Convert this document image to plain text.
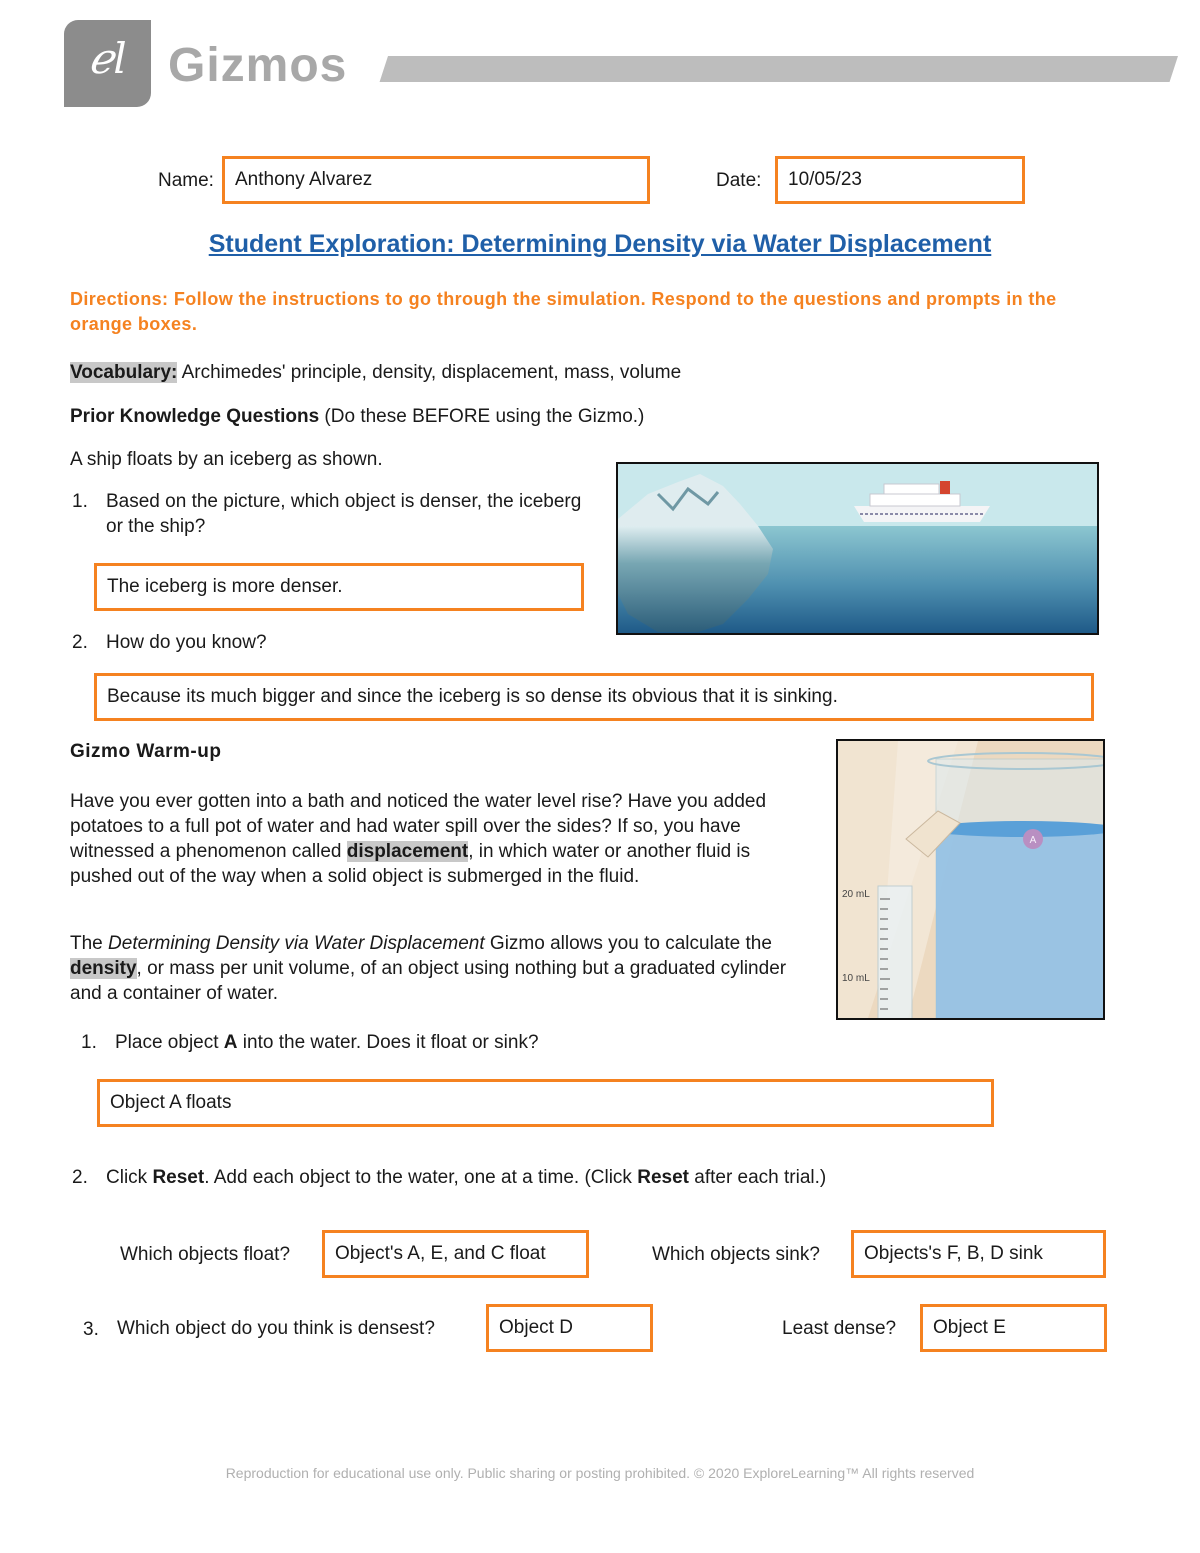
ℯl Gizmos
Name:	Anthony Alvarez	Date:	10/05/23
Student Exploration: Determining Density via Water Displacement
Directions: Follow the instructions to go through the simulation. Respond to the questions and prompts in the orange boxes.
Vocabulary: Archimedes' principle, density, displacement, mass, volume
Prior Knowledge Questions (Do these BEFORE using the Gizmo.)
A ship floats by an iceberg as shown.
1. Based on the picture, which object is denser, the iceberg or the ship?
The iceberg is more denser.
2. How do you know?
Because its much bigger and since the iceberg is so dense its obvious that it is sinking.
Gizmo Warm-up
Have you ever gotten into a bath and noticed the water level rise? Have you added potatoes to a full pot of water and had water spill over the sides? If so, you have witnessed a phenomenon called displacement, in which water or another fluid is pushed out of the way when a solid object is submerged in the fluid.
The Determining Density via Water Displacement Gizmo allows you to calculate the density, or mass per unit volume, of an object using nothing but a graduated cylinder and a container of water.
A
20 mL
10 mL
1. Place object A into the water. Does it float or sink?
Object A floats
2. Click Reset. Add each object to the water, one at a time. (Click Reset after each trial.)
Which objects float?	Object's A, E, and C float	Which objects sink?	Objects's F, B, D sink
3. Which object do you think is densest?	Object D	Least dense?	Object E
Reproduction for educational use only. Public sharing or posting prohibited. © 2020 ExploreLearning™ All rights reserved
